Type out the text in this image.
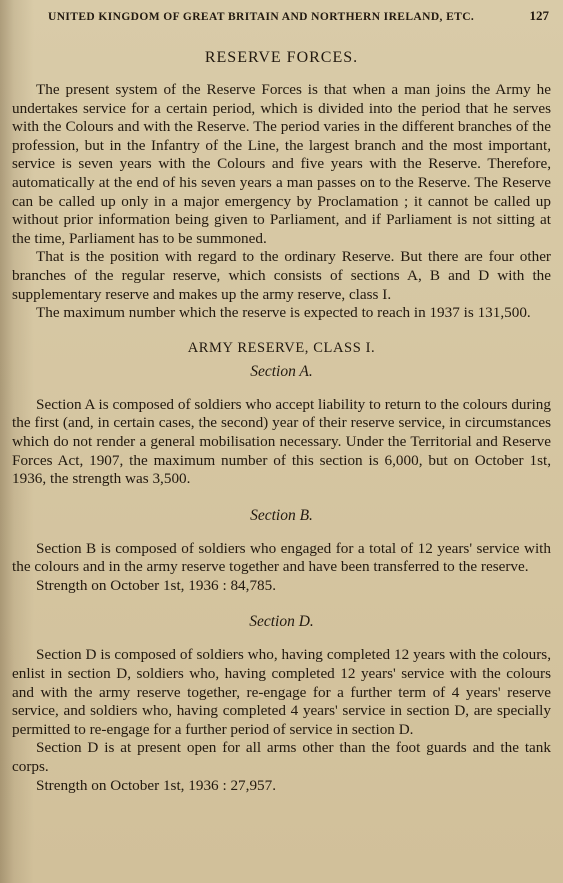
UNITED KINGDOM OF GREAT BRITAIN AND NORTHERN IRELAND, ETC.	127
RESERVE FORCES.

The present system of the Reserve Forces is that when a man joins the Army he undertakes service for a certain period, which is divided into the period that he serves with the Colours and with the Reserve. The period varies in the different branches of the profession, but in the Infantry of the Line, the largest branch and the most important, service is seven years with the Colours and five years with the Reserve. Therefore, automatically at the end of his seven years a man passes on to the Reserve. The Reserve can be called up only in a major emergency by Proclamation ; it cannot be called up without prior information being given to Parliament, and if Parliament is not sitting at the time, Parliament has to be summoned.

That is the position with regard to the ordinary Reserve. But there are four other branches of the regular reserve, which consists of sections A, B and D with the supplementary reserve and makes up the army reserve, class I.

The maximum number which the reserve is expected to reach in 1937 is 131,500.

ARMY RESERVE, CLASS I.
Section A.

Section A is composed of soldiers who accept liability to return to the colours during the first (and, in certain cases, the second) year of their reserve service, in circumstances which do not render a general mobilisation necessary. Under the Territorial and Reserve Forces Act, 1907, the maximum number of this section is 6,000, but on October 1st, 1936, the strength was 3,500.

Section B.

Section B is composed of soldiers who engaged for a total of 12 years' service with the colours and in the army reserve together and have been transferred to the reserve.

Strength on October 1st, 1936 : 84,785.

Section D.

Section D is composed of soldiers who, having completed 12 years with the colours, enlist in section D, soldiers who, having completed 12 years' service with the colours and with the army reserve together, re-engage for a further term of 4 years' reserve service, and soldiers who, having completed 4 years' service in section D, are specially permitted to re-engage for a further period of service in section D.

Section D is at present open for all arms other than the foot guards and the tank corps.

Strength on October 1st, 1936 : 27,957.
